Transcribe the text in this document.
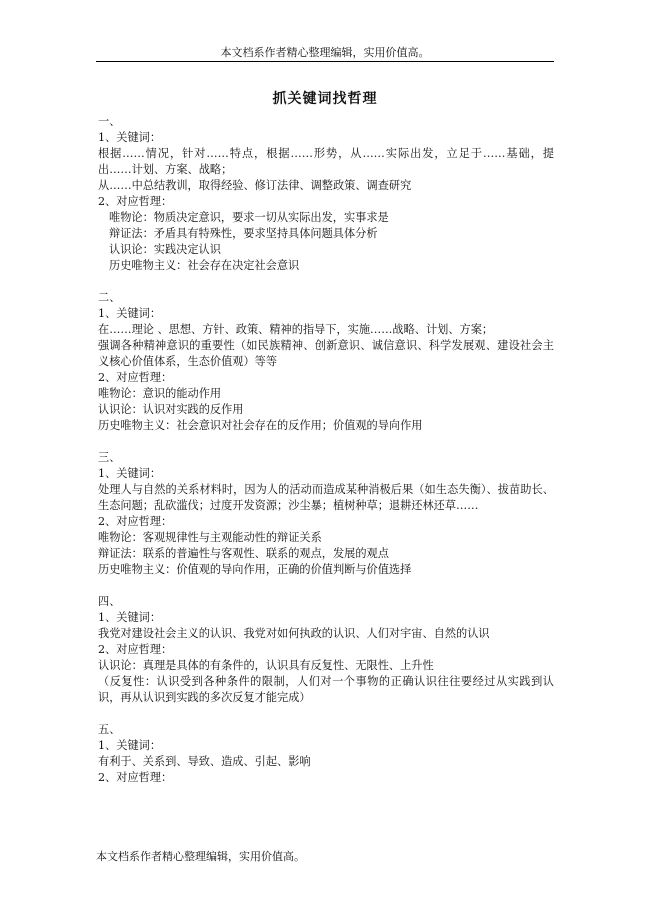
本文档系作者精心整理编辑，实用价值高。
抓关键词找哲理

一、

1、关键词：

根据……情况，针对……特点，根据……形势，从……实际出发，立足于……基础，提出……计划、方案、战略；

从……中总结教训，取得经验、修订法律、调整政策、调查研究

2、对应哲理：

唯物论：物质决定意识，要求一切从实际出发，实事求是

辩证法：矛盾具有特殊性，要求坚持具体问题具体分析

认识论：实践决定认识

历史唯物主义：社会存在决定社会意识

二、

1、关键词：

在……理论 、思想、方针、政策、精神的指导下，实施……战略、计划、方案；

强调各种精神意识的重要性（如民族精神、创新意识、诚信意识、科学发展观、建设社会主义核心价值体系，生态价值观）等等

2、对应哲理：

唯物论：意识的能动作用

认识论：认识对实践的反作用

历史唯物主义：社会意识对社会存在的反作用；价值观的导向作用

三、

1、关键词：

处理人与自然的关系材料时，因为人的活动而造成某种消极后果（如生态失衡）、拔苗助长、生态问题；乱砍滥伐；过度开发资源；沙尘暴；植树种草；退耕还林还草……

2、对应哲理：

唯物论：客观规律性与主观能动性的辩证关系

辩证法：联系的普遍性与客观性、联系的观点，发展的观点

历史唯物主义：价值观的导向作用，正确的价值判断与价值选择

四、

1、关键词：

我党对建设社会主义的认识、我党对如何执政的认识、人们对宇宙、自然的认识

2、对应哲理：

认识论：真理是具体的有条件的，认识具有反复性、无限性、上升性

（反复性：认识受到各种条件的限制，人们对一个事物的正确认识往往要经过从实践到认识，再从认识到实践的多次反复才能完成）

五、

1、关键词：

有利于、关系到、导致、造成、引起、影响

2、对应哲理：

本文档系作者精心整理编辑，实用价值高。
